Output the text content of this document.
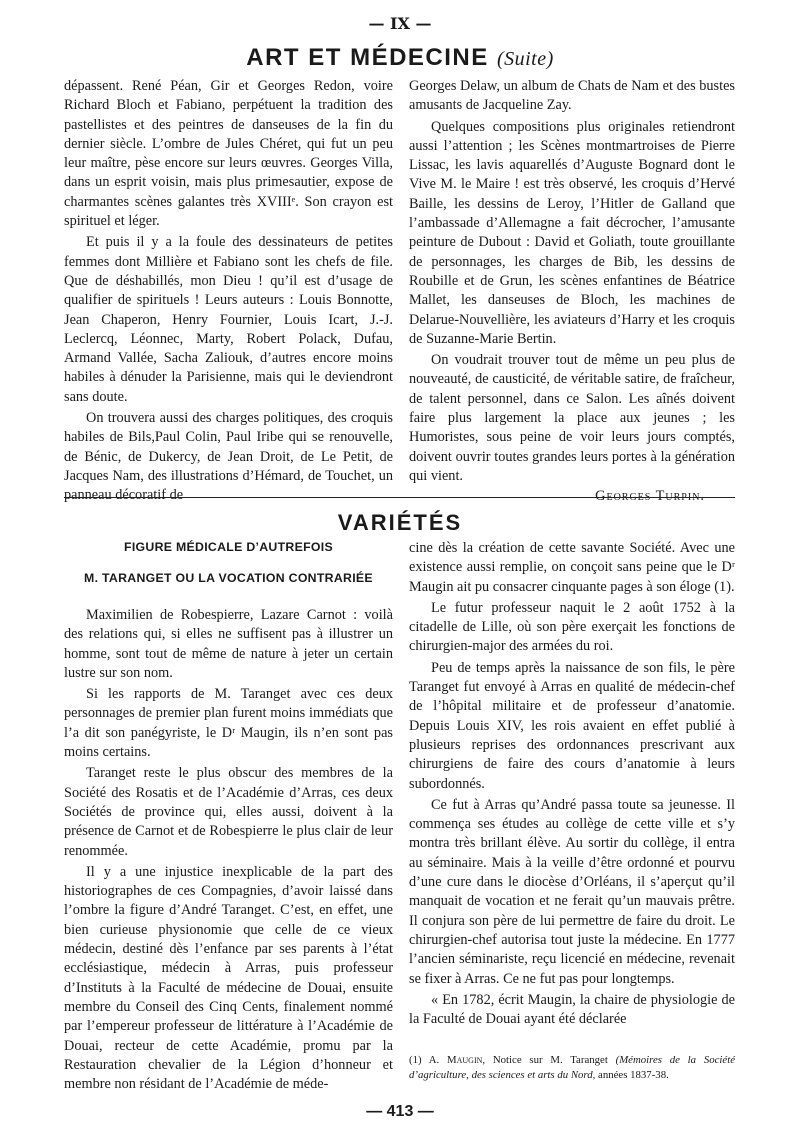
— IX —
ART ET MÉDECINE (Suite)

dépassent. René Péan, Gir et Georges Redon, voire Richard Bloch et Fabiano, perpétuent la tradition des pastellistes et des peintres de danseuses de la fin du dernier siècle. L’ombre de Jules Chéret, qui fut un peu leur maître, pèse encore sur leurs œuvres. Georges Villa, dans un esprit voisin, mais plus primesautier, expose de charmantes scènes galantes très XVIIIᵉ. Son crayon est spirituel et léger.

Et puis il y a la foule des dessinateurs de petites femmes dont Millière et Fabiano sont les chefs de file. Que de déshabillés, mon Dieu ! qu’il est d’usage de qualifier de spirituels ! Leurs auteurs : Louis Bonnotte, Jean Chaperon, Henry Fournier, Louis Icart, J.-J. Leclercq, Léonnec, Marty, Robert Polack, Dufau, Armand Vallée, Sacha Zaliouk, d’autres encore moins habiles à dénuder la Parisienne, mais qui le deviendront sans doute.

On trouvera aussi des charges politiques, des croquis habiles de Bils,Paul Colin, Paul Iribe qui se renouvelle, de Bénic, de Dukercy, de Jean Droit, de Le Petit, de Jacques Nam, des illustrations d’Hémard, de Touchet, un panneau décoratif de

Georges Delaw, un album de Chats de Nam et des bustes amusants de Jacqueline Zay.

Quelques compositions plus originales retiendront aussi l’attention ; les Scènes montmartroises de Pierre Lissac, les lavis aquarellés d’Auguste Bognard dont le Vive M. le Maire ! est très observé, les croquis d’Hervé Baille, les dessins de Leroy, l’Hitler de Galland que l’ambassade d’Allemagne a fait décrocher, l’amusante peinture de Dubout : David et Goliath, toute grouillante de personnages, les charges de Bib, les dessins de Roubille et de Grun, les scènes enfantines de Béatrice Mallet, les danseuses de Bloch, les machines de Delarue-Nouvellière, les aviateurs d’Harry et les croquis de Suzanne-Marie Bertin.

On voudrait trouver tout de même un peu plus de nouveauté, de causticité, de véritable satire, de fraîcheur, de talent personnel, dans ce Salon. Les aînés doivent faire plus largement la place aux jeunes ; les Humoristes, sous peine de voir leurs jours comptés, doivent ouvrir toutes grandes leurs portes à la génération qui vient.

Georges Turpin.
VARIÉTÉS
FIGURE MÉDICALE D’AUTREFOIS
M. TARANGET OU LA VOCATION CONTRARIÉE

Maximilien de Robespierre, Lazare Carnot : voilà des relations qui, si elles ne suffisent pas à illustrer un homme, sont tout de même de nature à jeter un certain lustre sur son nom.

Si les rapports de M. Taranget avec ces deux personnages de premier plan furent moins immédiats que l’a dit son panégyriste, le Dʳ Maugin, ils n’en sont pas moins certains.

Taranget reste le plus obscur des membres de la Société des Rosatis et de l’Académie d’Arras, ces deux Sociétés de province qui, elles aussi, doivent à la présence de Carnot et de Robespierre le plus clair de leur renommée.

Il y a une injustice inexplicable de la part des historiographes de ces Compagnies, d’avoir laissé dans l’ombre la figure d’André Taranget. C’est, en effet, une bien curieuse physionomie que celle de ce vieux médecin, destiné dès l’enfance par ses parents à l’état ecclésiastique, médecin à Arras, puis professeur d’Instituts à la Faculté de médecine de Douai, ensuite membre du Conseil des Cinq Cents, finalement nommé par l’empereur professeur de littérature à l’Académie de Douai, recteur de cette Académie, promu par la Restauration chevalier de la Légion d’honneur et membre non résidant de l’Académie de méde-

cine dès la création de cette savante Société. Avec une existence aussi remplie, on conçoit sans peine que le Dʳ Maugin ait pu consacrer cinquante pages à son éloge (1).

Le futur professeur naquit le 2 août 1752 à la citadelle de Lille, où son père exerçait les fonctions de chirurgien-major des armées du roi.

Peu de temps après la naissance de son fils, le père Taranget fut envoyé à Arras en qualité de médecin-chef de l’hôpital militaire et de professeur d’anatomie. Depuis Louis XIV, les rois avaient en effet publié à plusieurs reprises des ordonnances prescrivant aux chirurgiens de faire des cours d’anatomie à leurs subordonnés.

Ce fut à Arras qu’André passa toute sa jeunesse. Il commença ses études au collège de cette ville et s’y montra très brillant élève. Au sortir du collège, il entra au séminaire. Mais à la veille d’être ordonné et pourvu d’une cure dans le diocèse d’Orléans, il s’aperçut qu’il manquait de vocation et ne ferait qu’un mauvais prêtre. Il conjura son père de lui permettre de faire du droit. Le chirurgien-chef autorisa tout juste la médecine. En 1777 l’ancien séminariste, reçu licencié en médecine, revenait se fixer à Arras. Ce ne fut pas pour longtemps.

« En 1782, écrit Maugin, la chaire de physiologie de la Faculté de Douai ayant été déclarée

(1) A. Maugin, Notice sur M. Taranget (Mémoires de la Société d’agriculture, des sciences et arts du Nord, années 1837-38.
— 413 —
